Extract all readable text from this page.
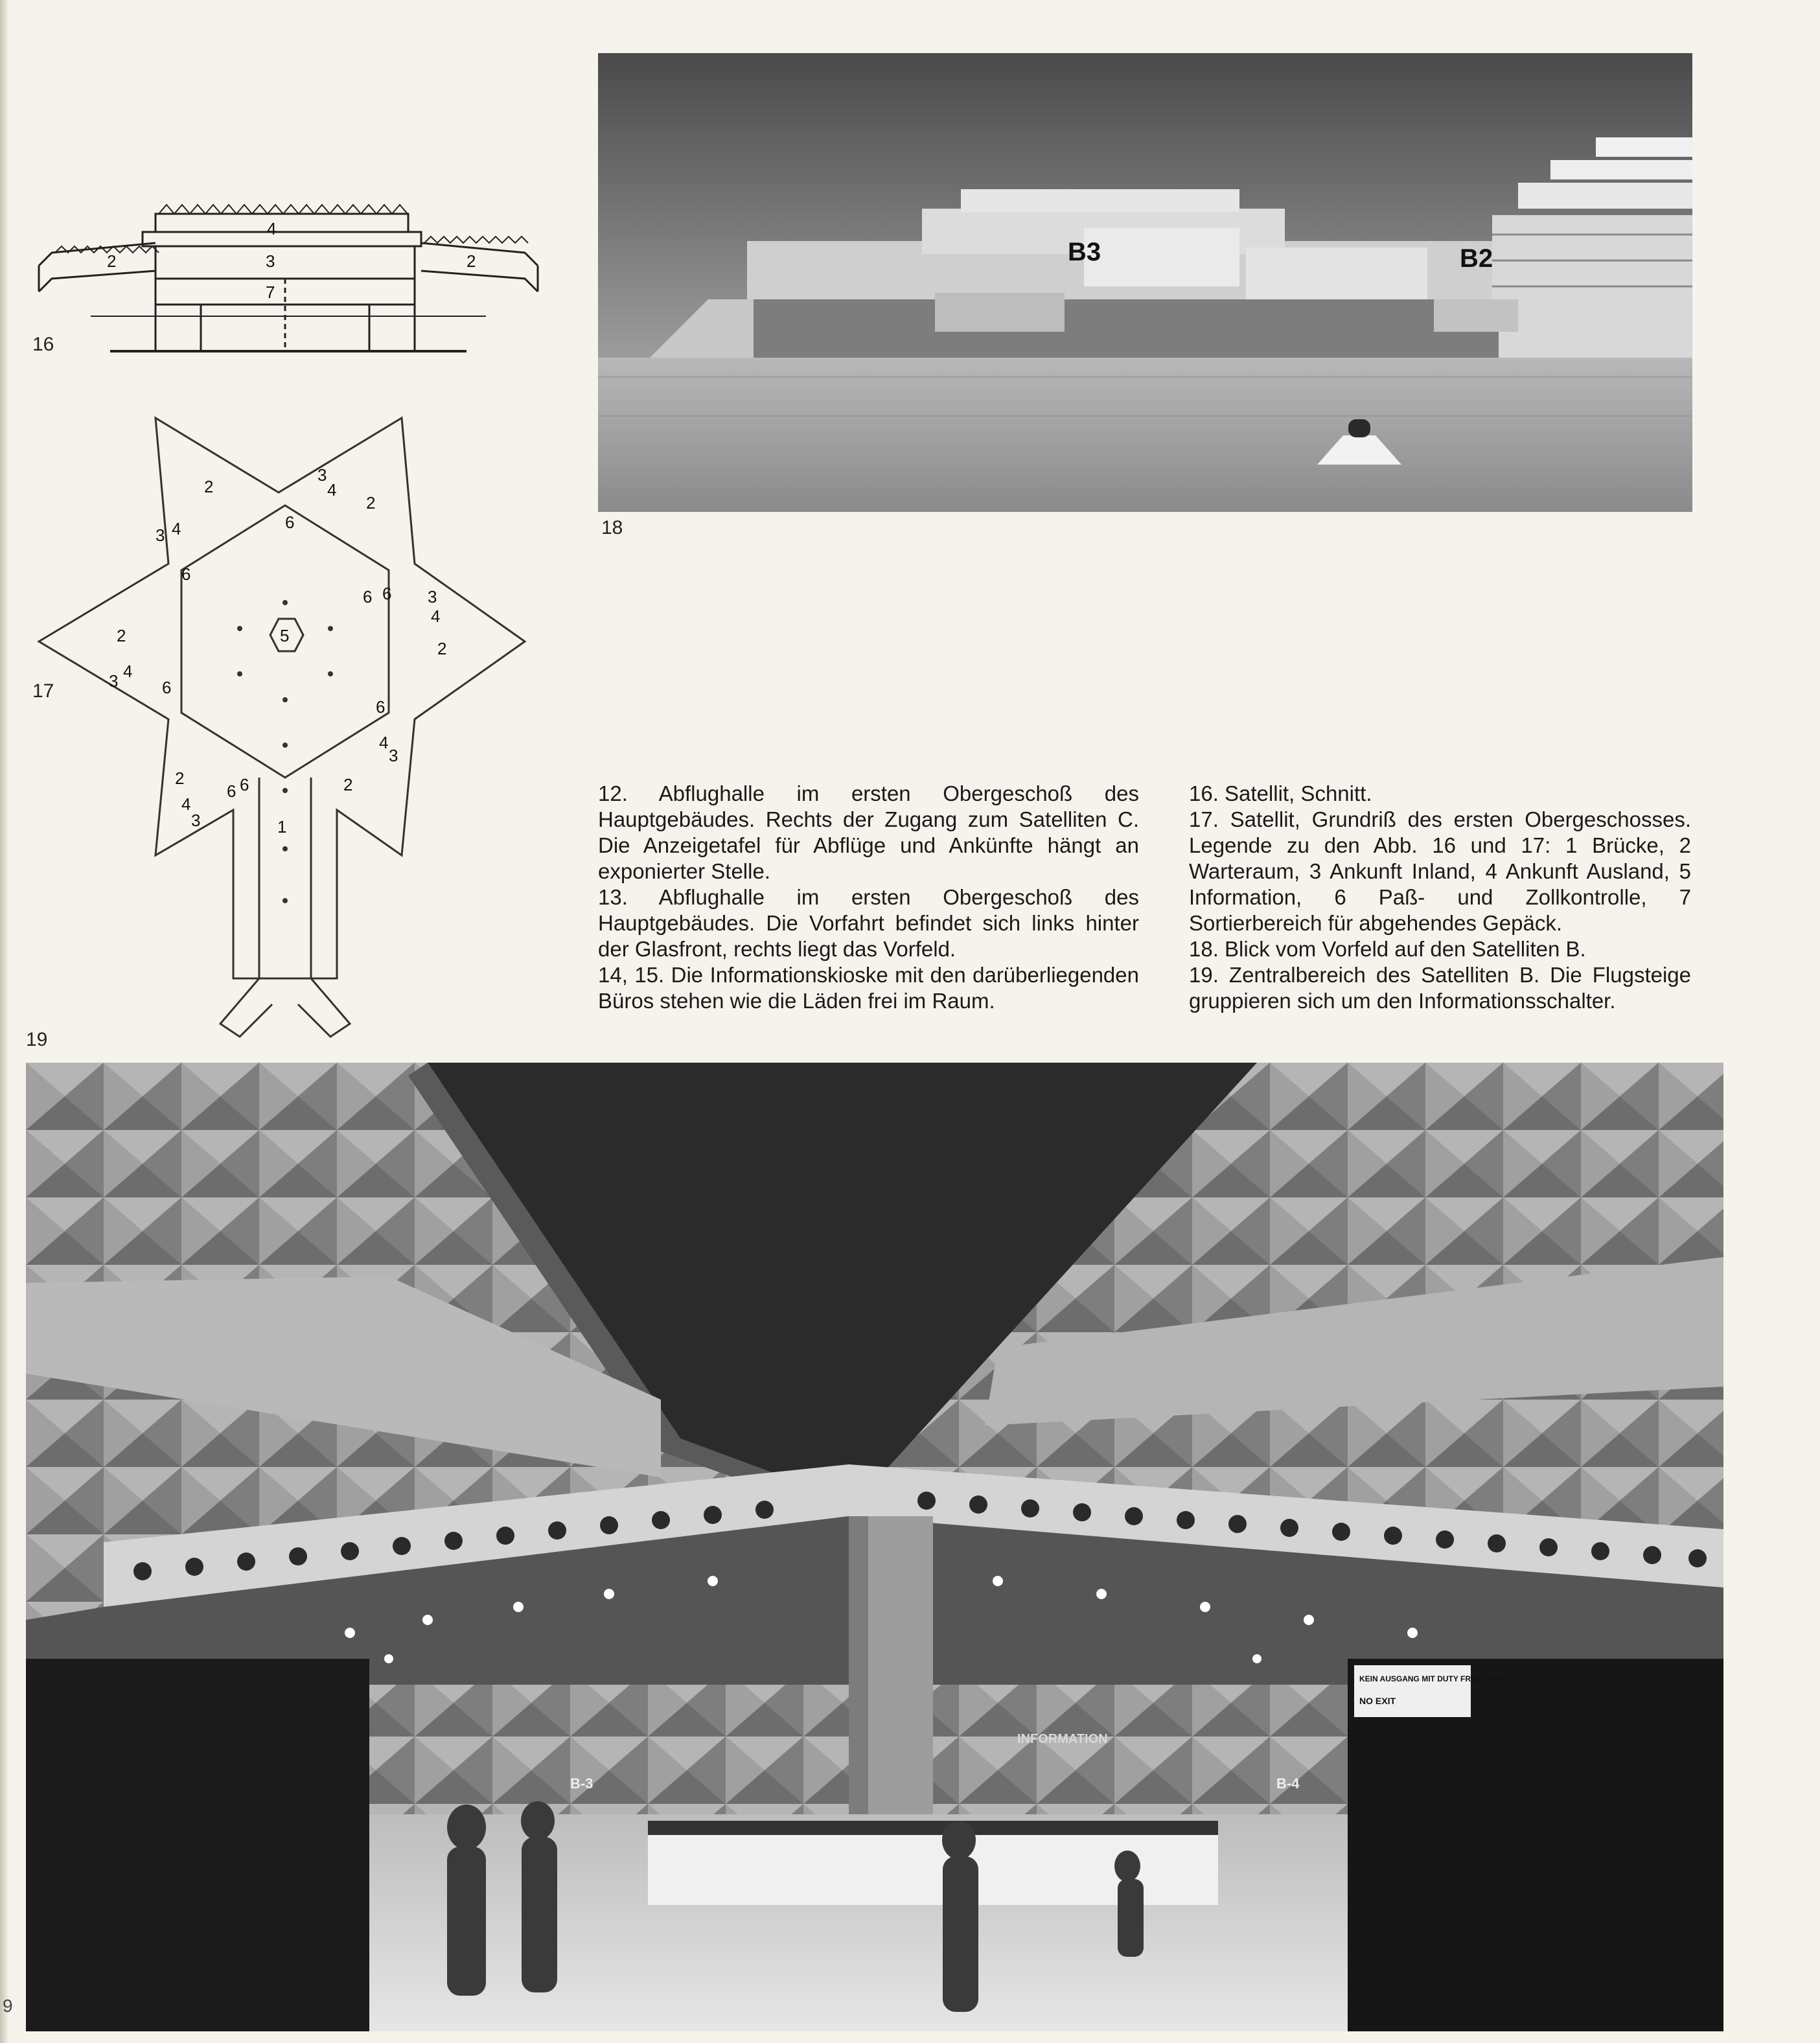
4
3
7
2	2
16
2
3 4
6
3
4
2
6
6
6
2
4
3
5
6
4
3
2
6
6
3
4
2
4
6
3
2
1
17
19
B3	B2
18

12. Abflughalle im ersten Obergeschoß des Hauptgebäudes. Rechts der Zugang zum Satelliten C. Die Anzeigetafel für Abflüge und Ankünfte hängt an exponierter Stelle.

13. Abflughalle im ersten Obergeschoß des Hauptgebäudes. Die Vorfahrt befindet sich links hinter der Glasfront, rechts liegt das Vorfeld.

14, 15. Die Informationskioske mit den darüberliegenden Büros stehen wie die Läden frei im Raum.

16. Satellit, Schnitt.

17. Satellit, Grundriß des ersten Obergeschosses. Legende zu den Abb. 16 und 17: 1 Brücke, 2 Warteraum, 3 Ankunft Inland, 4 Ankunft Ausland, 5 Information, 6 Paß- und Zollkontrolle, 7 Sortierbereich für abgehendes Gepäck.

18. Blick vom Vorfeld auf den Satelliten B.

19. Zentralbereich des Satelliten B. Die Flugsteige gruppieren sich um den Informationsschalter.

INFORMATION
B-3	B-4
KEIN AUSGANG MIT DUTY FREE SHOP
NO EXIT
9
